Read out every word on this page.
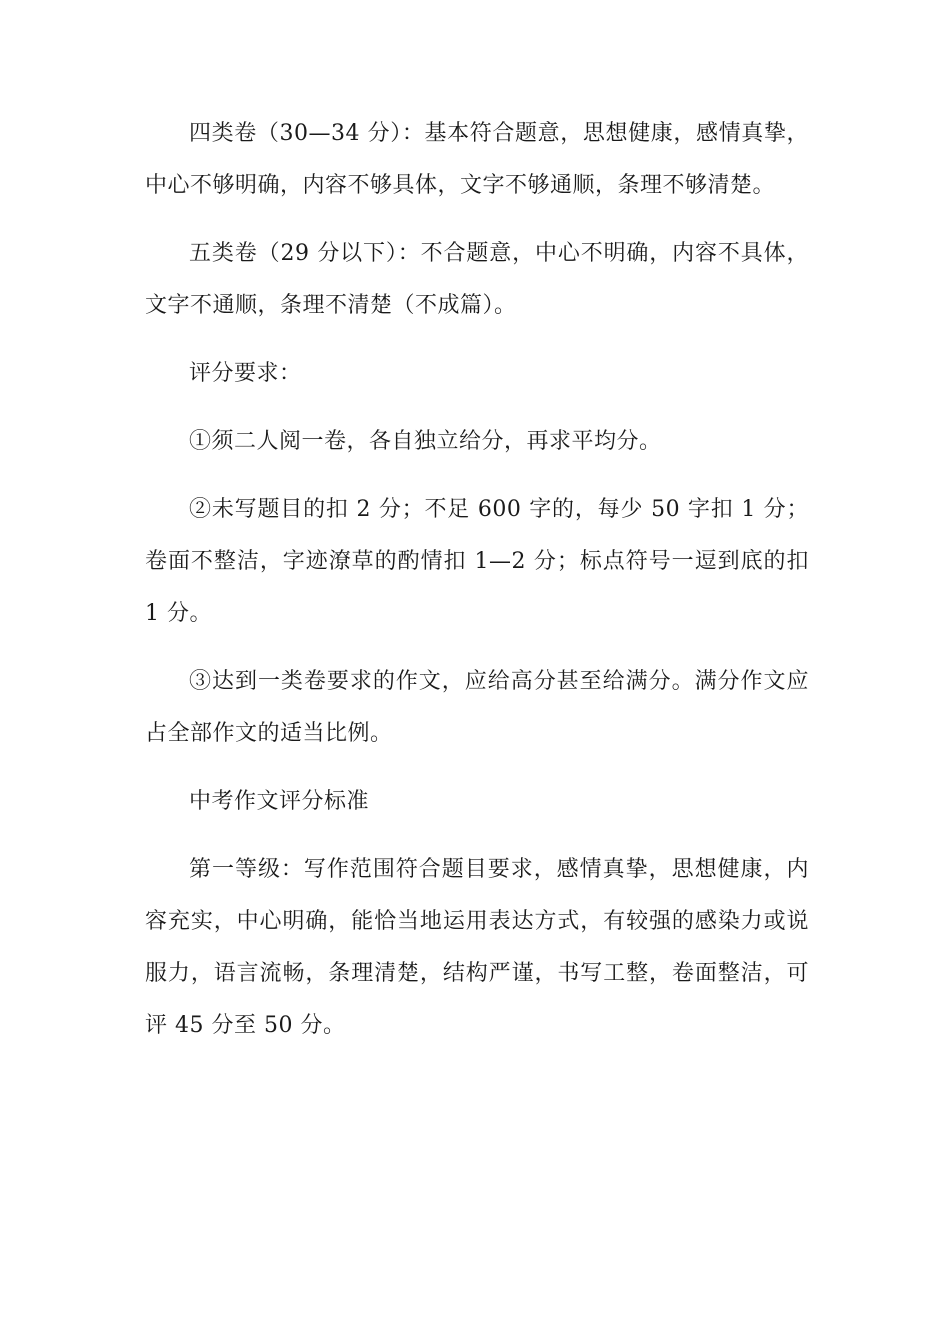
四类卷（30—34 分）：基本符合题意，思想健康，感情真挚，中心不够明确，内容不够具体，文字不够通顺，条理不够清楚。

五类卷（29 分以下）：不合题意，中心不明确，内容不具体，文字不通顺，条理不清楚（不成篇）。

评分要求：

①须二人阅一卷，各自独立给分，再求平均分。

②未写题目的扣 2 分；不足 600 字的，每少 50 字扣 1 分；卷面不整洁，字迹潦草的酌情扣 1—2 分；标点符号一逗到底的扣 1 分。

③达到一类卷要求的作文，应给高分甚至给满分。满分作文应占全部作文的适当比例。

中考作文评分标准

第一等级：写作范围符合题目要求，感情真挚，思想健康，内容充实，中心明确，能恰当地运用表达方式，有较强的感染力或说服力，语言流畅，条理清楚，结构严谨，书写工整，卷面整洁，可评 45 分至 50 分。
